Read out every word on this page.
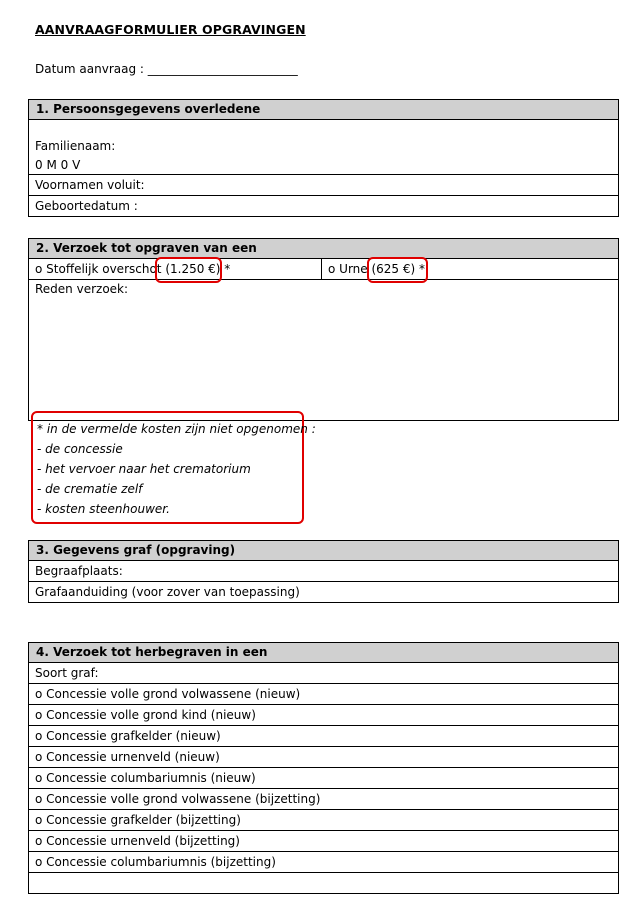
AANVRAAGFORMULIER OPGRAVINGEN
Datum aanvraag : _________________________
1. Persoonsgegevens overledene
Familienaam:
0 M 0 V
Voornamen voluit:
Geboortedatum :
2. Verzoek tot opgraven van een
o Stoffelijk overschot (1.250 €) *	o Urne (625 €) *
Reden verzoek:
* in de vermelde kosten zijn niet opgenomen :
- de concessie
- het vervoer naar het crematorium
- de crematie zelf
- kosten steenhouwer.
3. Gegevens graf (opgraving)
Begraafplaats:
Grafaanduiding (voor zover van toepassing)
4. Verzoek tot herbegraven in een
Soort graf:
o Concessie volle grond volwassene (nieuw)
o Concessie volle grond kind (nieuw)
o Concessie grafkelder (nieuw)
o Concessie urnenveld (nieuw)
o Concessie columbariumnis (nieuw)
o Concessie volle grond volwassene (bijzetting)
o Concessie grafkelder (bijzetting)
o Concessie urnenveld (bijzetting)
o Concessie columbariumnis (bijzetting)
